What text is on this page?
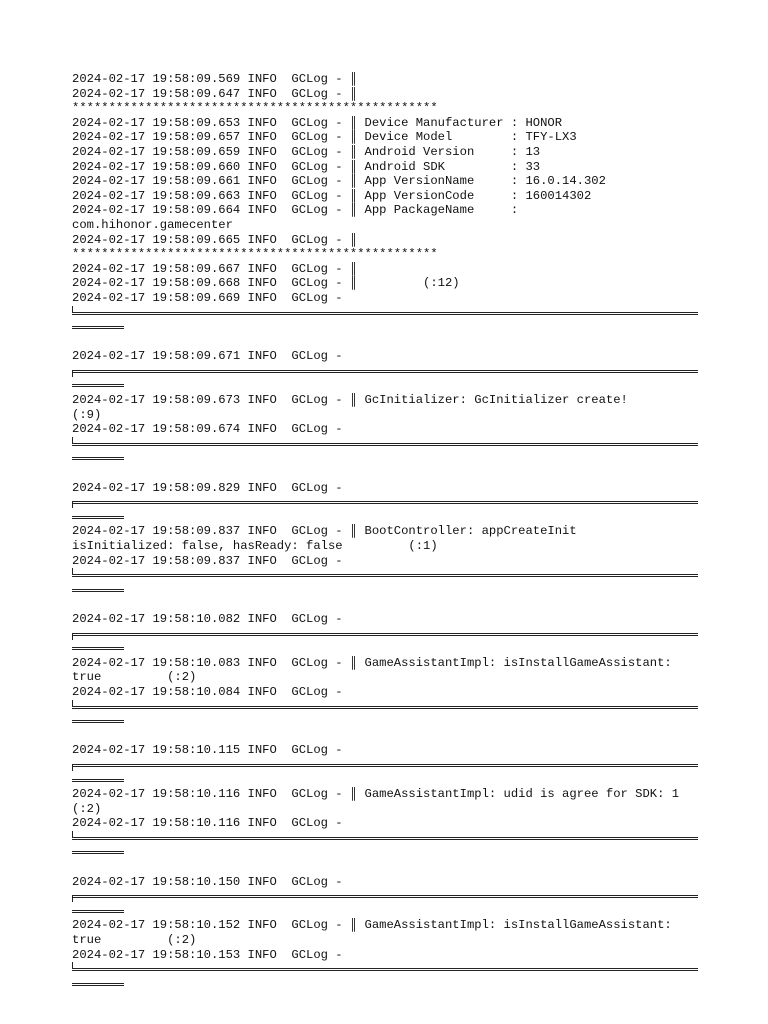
2024-02-17 19:58:09.569 INFO  GCLog - ║
2024-02-17 19:58:09.647 INFO  GCLog - ║
**************************************************
2024-02-17 19:58:09.653 INFO  GCLog - ║ Device Manufacturer : HONOR
2024-02-17 19:58:09.657 INFO  GCLog - ║ Device Model        : TFY-LX3
2024-02-17 19:58:09.659 INFO  GCLog - ║ Android Version     : 13
2024-02-17 19:58:09.660 INFO  GCLog - ║ Android SDK         : 33
2024-02-17 19:58:09.661 INFO  GCLog - ║ App VersionName     : 16.0.14.302
2024-02-17 19:58:09.663 INFO  GCLog - ║ App VersionCode     : 160014302
2024-02-17 19:58:09.664 INFO  GCLog - ║ App PackageName     :
com.hihonor.gamecenter
2024-02-17 19:58:09.665 INFO  GCLog - ║
**************************************************
2024-02-17 19:58:09.667 INFO  GCLog - ║
2024-02-17 19:58:09.668 INFO  GCLog - ║         (:12)
2024-02-17 19:58:09.669 INFO  GCLog -
2024-02-17 19:58:09.671 INFO  GCLog -
2024-02-17 19:58:09.673 INFO  GCLog - ║ GcInitializer: GcInitializer create!
(:9)
2024-02-17 19:58:09.674 INFO  GCLog -
2024-02-17 19:58:09.829 INFO  GCLog -
2024-02-17 19:58:09.837 INFO  GCLog - ║ BootController: appCreateInit
isInitialized: false, hasReady: false         (:1)
2024-02-17 19:58:09.837 INFO  GCLog -
2024-02-17 19:58:10.082 INFO  GCLog -
2024-02-17 19:58:10.083 INFO  GCLog - ║ GameAssistantImpl: isInstallGameAssistant:
true         (:2)
2024-02-17 19:58:10.084 INFO  GCLog -
2024-02-17 19:58:10.115 INFO  GCLog -
2024-02-17 19:58:10.116 INFO  GCLog - ║ GameAssistantImpl: udid is agree for SDK: 1
(:2)
2024-02-17 19:58:10.116 INFO  GCLog -
2024-02-17 19:58:10.150 INFO  GCLog -
2024-02-17 19:58:10.152 INFO  GCLog - ║ GameAssistantImpl: isInstallGameAssistant:
true         (:2)
2024-02-17 19:58:10.153 INFO  GCLog -
